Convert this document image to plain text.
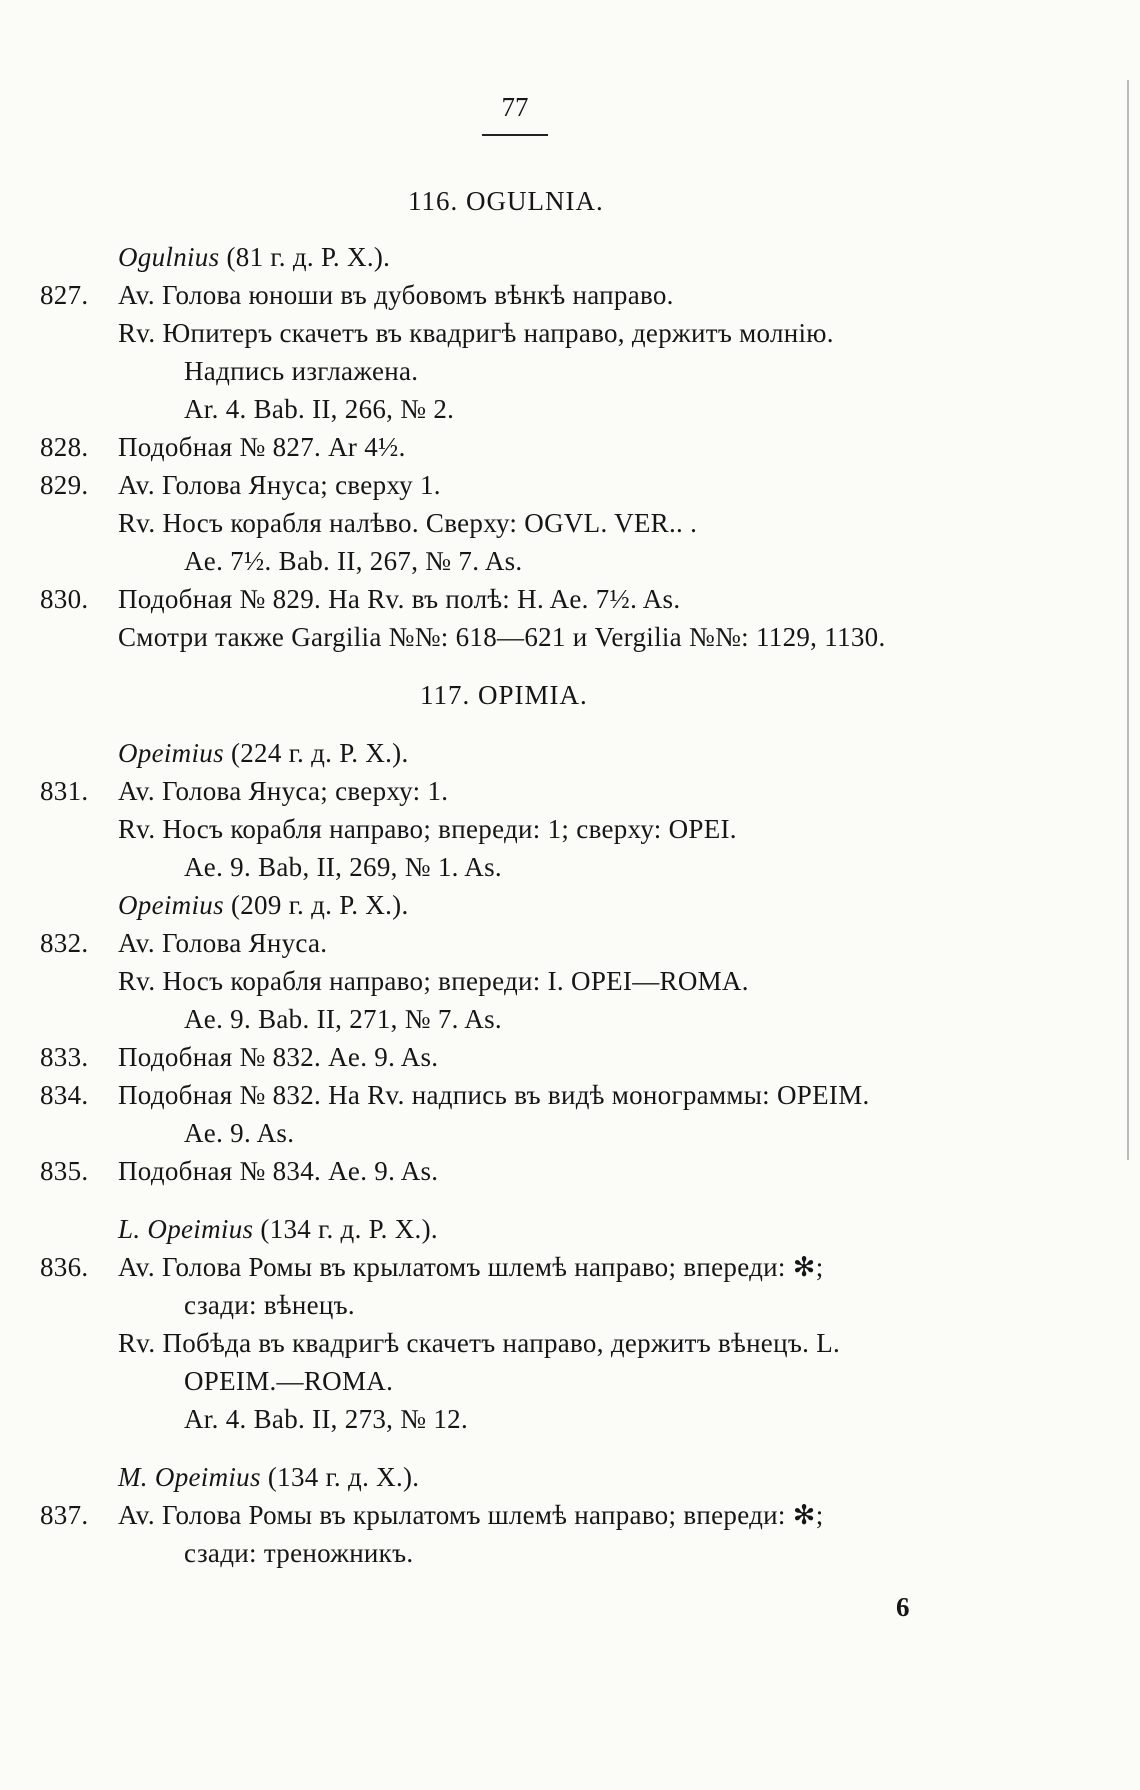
77
116. OGULNIA.
Ogulnius (81 г. д. Р. Х.).
827. Av. Голова юноши въ дубовомъ вѣнкѣ направо.
Rv. Юпитеръ скачетъ въ квадригѣ направо, держитъ молнію.
Надпись изглажена.
Ar. 4. Bab. II, 266, № 2.
828. Подобная № 827. Ar 4½.
829. Av. Голова Януса; сверху 1.
Rv. Носъ корабля налѣво. Сверху: OGVL. VER.. .
Ae. 7½. Bab. II, 267, № 7. As.
830. Подобная № 829. На Rv. въ полѣ: H. Ae. 7½. As.
Смотри также Gargilia №№: 618—621 и Vergilia №№: 1129, 1130.
117. OPIMIA.
Opeimius (224 г. д. Р. Х.).
831. Av. Голова Януса; сверху: 1.
Rv. Носъ корабля направо; впереди: 1; сверху: OPEI.
Ae. 9. Bab, II, 269, № 1. As.
Opeimius (209 г. д. Р. Х.).
832. Av. Голова Януса.
Rv. Носъ корабля направо; впереди: I. OPEI—ROMA.
Ae. 9. Bab. II, 271, № 7. As.
833. Подобная № 832. Ae. 9. As.
834. Подобная № 832. На Rv. надпись въ видѣ монограммы: OPEIM.
Ae. 9. As.
835. Подобная № 834. Ae. 9. As.
L. Opeimius (134 г. д. Р. Х.).
836. Av. Голова Ромы въ крылатомъ шлемѣ направо; впереди: ✻;
сзади: вѣнецъ.
Rv. Побѣда въ квадригѣ скачетъ направо, держитъ вѣнецъ. L.
OPEIM.—ROMA.
Ar. 4. Bab. II, 273, № 12.
M. Opeimius (134 г. д. Х.).
837. Av. Голова Ромы въ крылатомъ шлемѣ направо; впереди: ✻;
сзади: треножникъ.
6
